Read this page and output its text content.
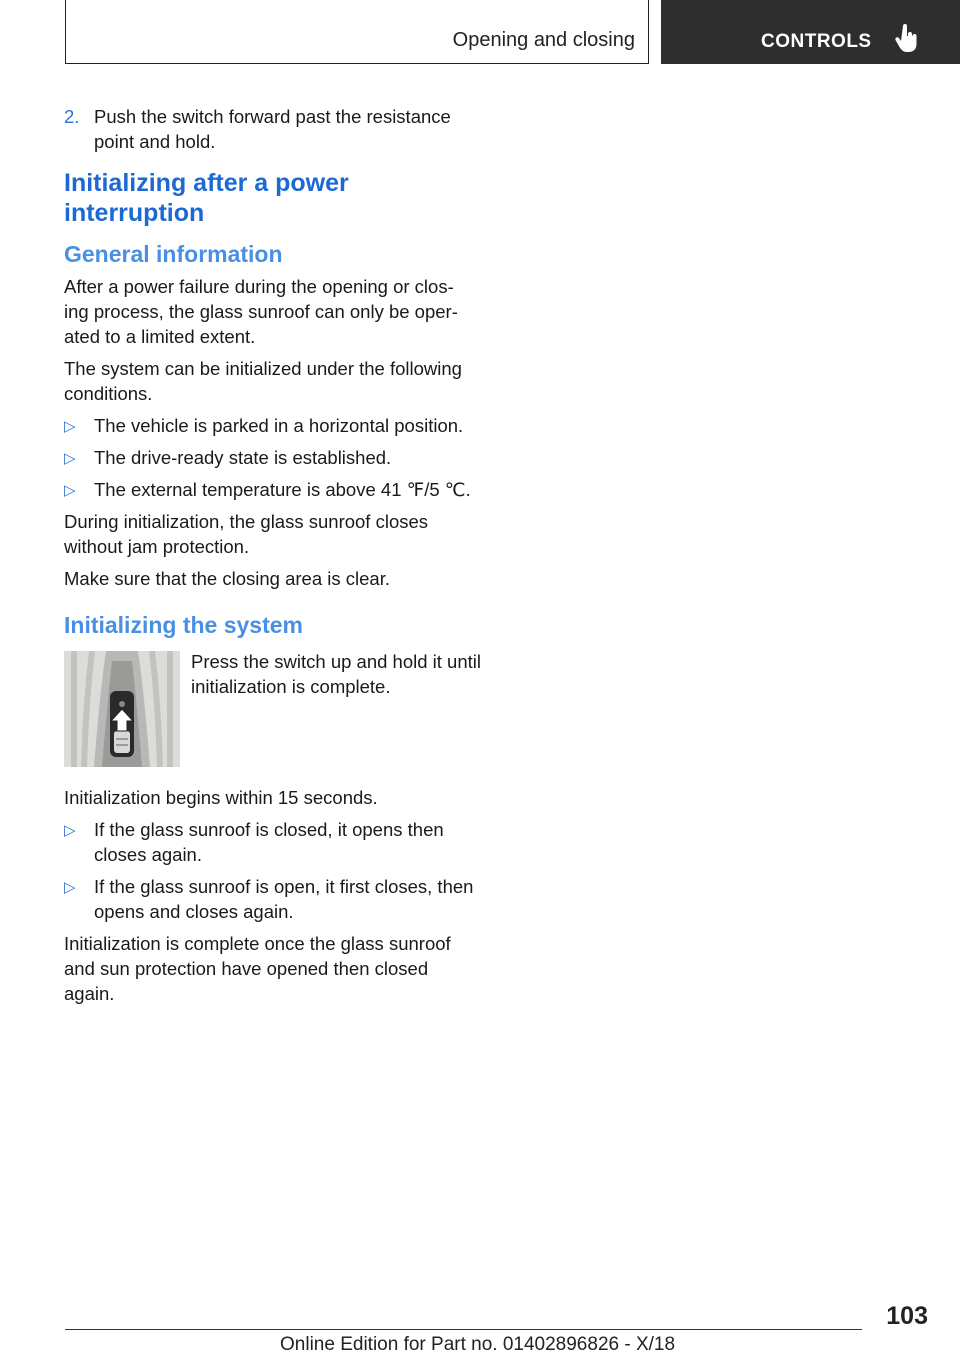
Opening and closing	CONTROLS
2. Push the switch forward past the resistance point and hold.
Initializing after a power interruption
General information

After a power failure during the opening or clos-ing process, the glass sunroof can only be oper-ated to a limited extent.

The system can be initialized under the following conditions.

▷ The vehicle is parked in a horizontal position.
▷ The drive-ready state is established.
▷ The external temperature is above 41 ℉/5 ℃.

During initialization, the glass sunroof closes without jam protection.

Make sure that the closing area is clear.

Initializing the system
Press the switch up and hold it until initialization is complete.

Initialization begins within 15 seconds.

▷ If the glass sunroof is closed, it opens then closes again.
▷ If the glass sunroof is open, it first closes, then opens and closes again.

Initialization is complete once the glass sunroof and sun protection have opened then closed again.

103
Online Edition for Part no. 01402896826 - X/18
